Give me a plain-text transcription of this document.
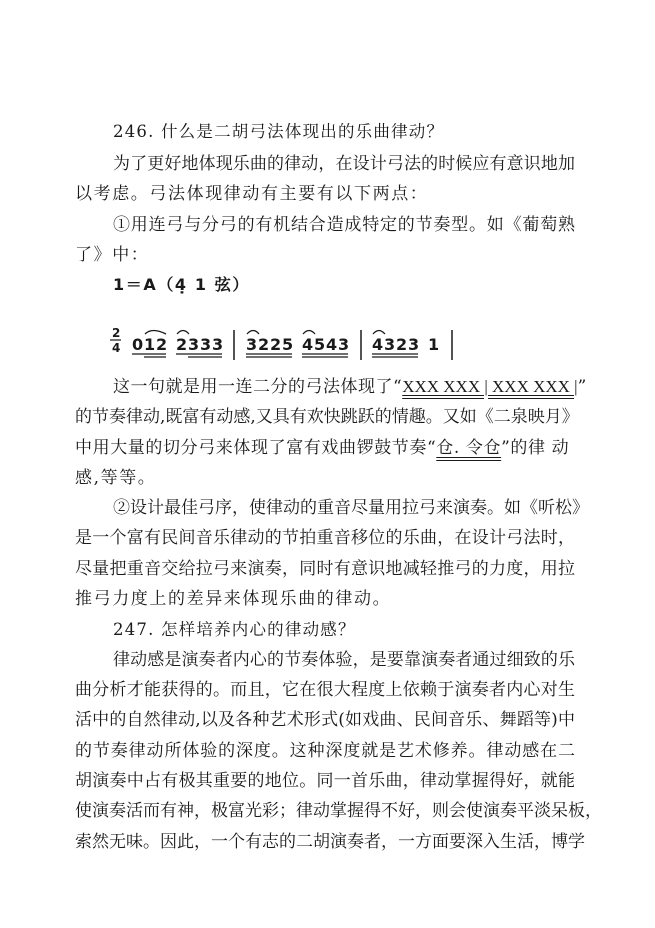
246. 什么是二胡弓法体现出的乐曲律动？
为了更好地体现乐曲的律动，在设计弓法的时候应有意识地加
以考虑。弓法体现律动有主要有以下两点：
①用连弓与分弓的有机结合造成特定的节奏型。如《葡萄熟
了》中：
1＝A（4̣ 1 弦）
2
4 0 1 2 2 3 3 3 3 2 2 5 4 5 4 3 4 3 2 3 1
这一句就是用一连二分的弓法体现了“XXX XXX | XXX XXX |”
的节奏律动,既富有动感,又具有欢快跳跃的情趣。又如《二泉映月》
中用大量的切分弓来体现了富有戏曲锣鼓节奏“仓. 令仓”的律 动
感,等等。
②设计最佳弓序，使律动的重音尽量用拉弓来演奏。如《听松》
是一个富有民间音乐律动的节拍重音移位的乐曲，在设计弓法时，
尽量把重音交给拉弓来演奏，同时有意识地减轻推弓的力度，用拉
推弓力度上的差异来体现乐曲的律动。
247. 怎样培养内心的律动感？
律动感是演奏者内心的节奏体验，是要靠演奏者通过细致的乐
曲分析才能获得的。而且，它在很大程度上依赖于演奏者内心对生
活中的自然律动,以及各种艺术形式(如戏曲、民间音乐、舞蹈等)中
的节奏律动所体验的深度。这种深度就是艺术修养。律动感在二
胡演奏中占有极其重要的地位。同一首乐曲，律动掌握得好，就能
使演奏活而有神，极富光彩；律动掌握得不好，则会使演奏平淡呆板，
索然无味。因此，一个有志的二胡演奏者，一方面要深入生活，博学
